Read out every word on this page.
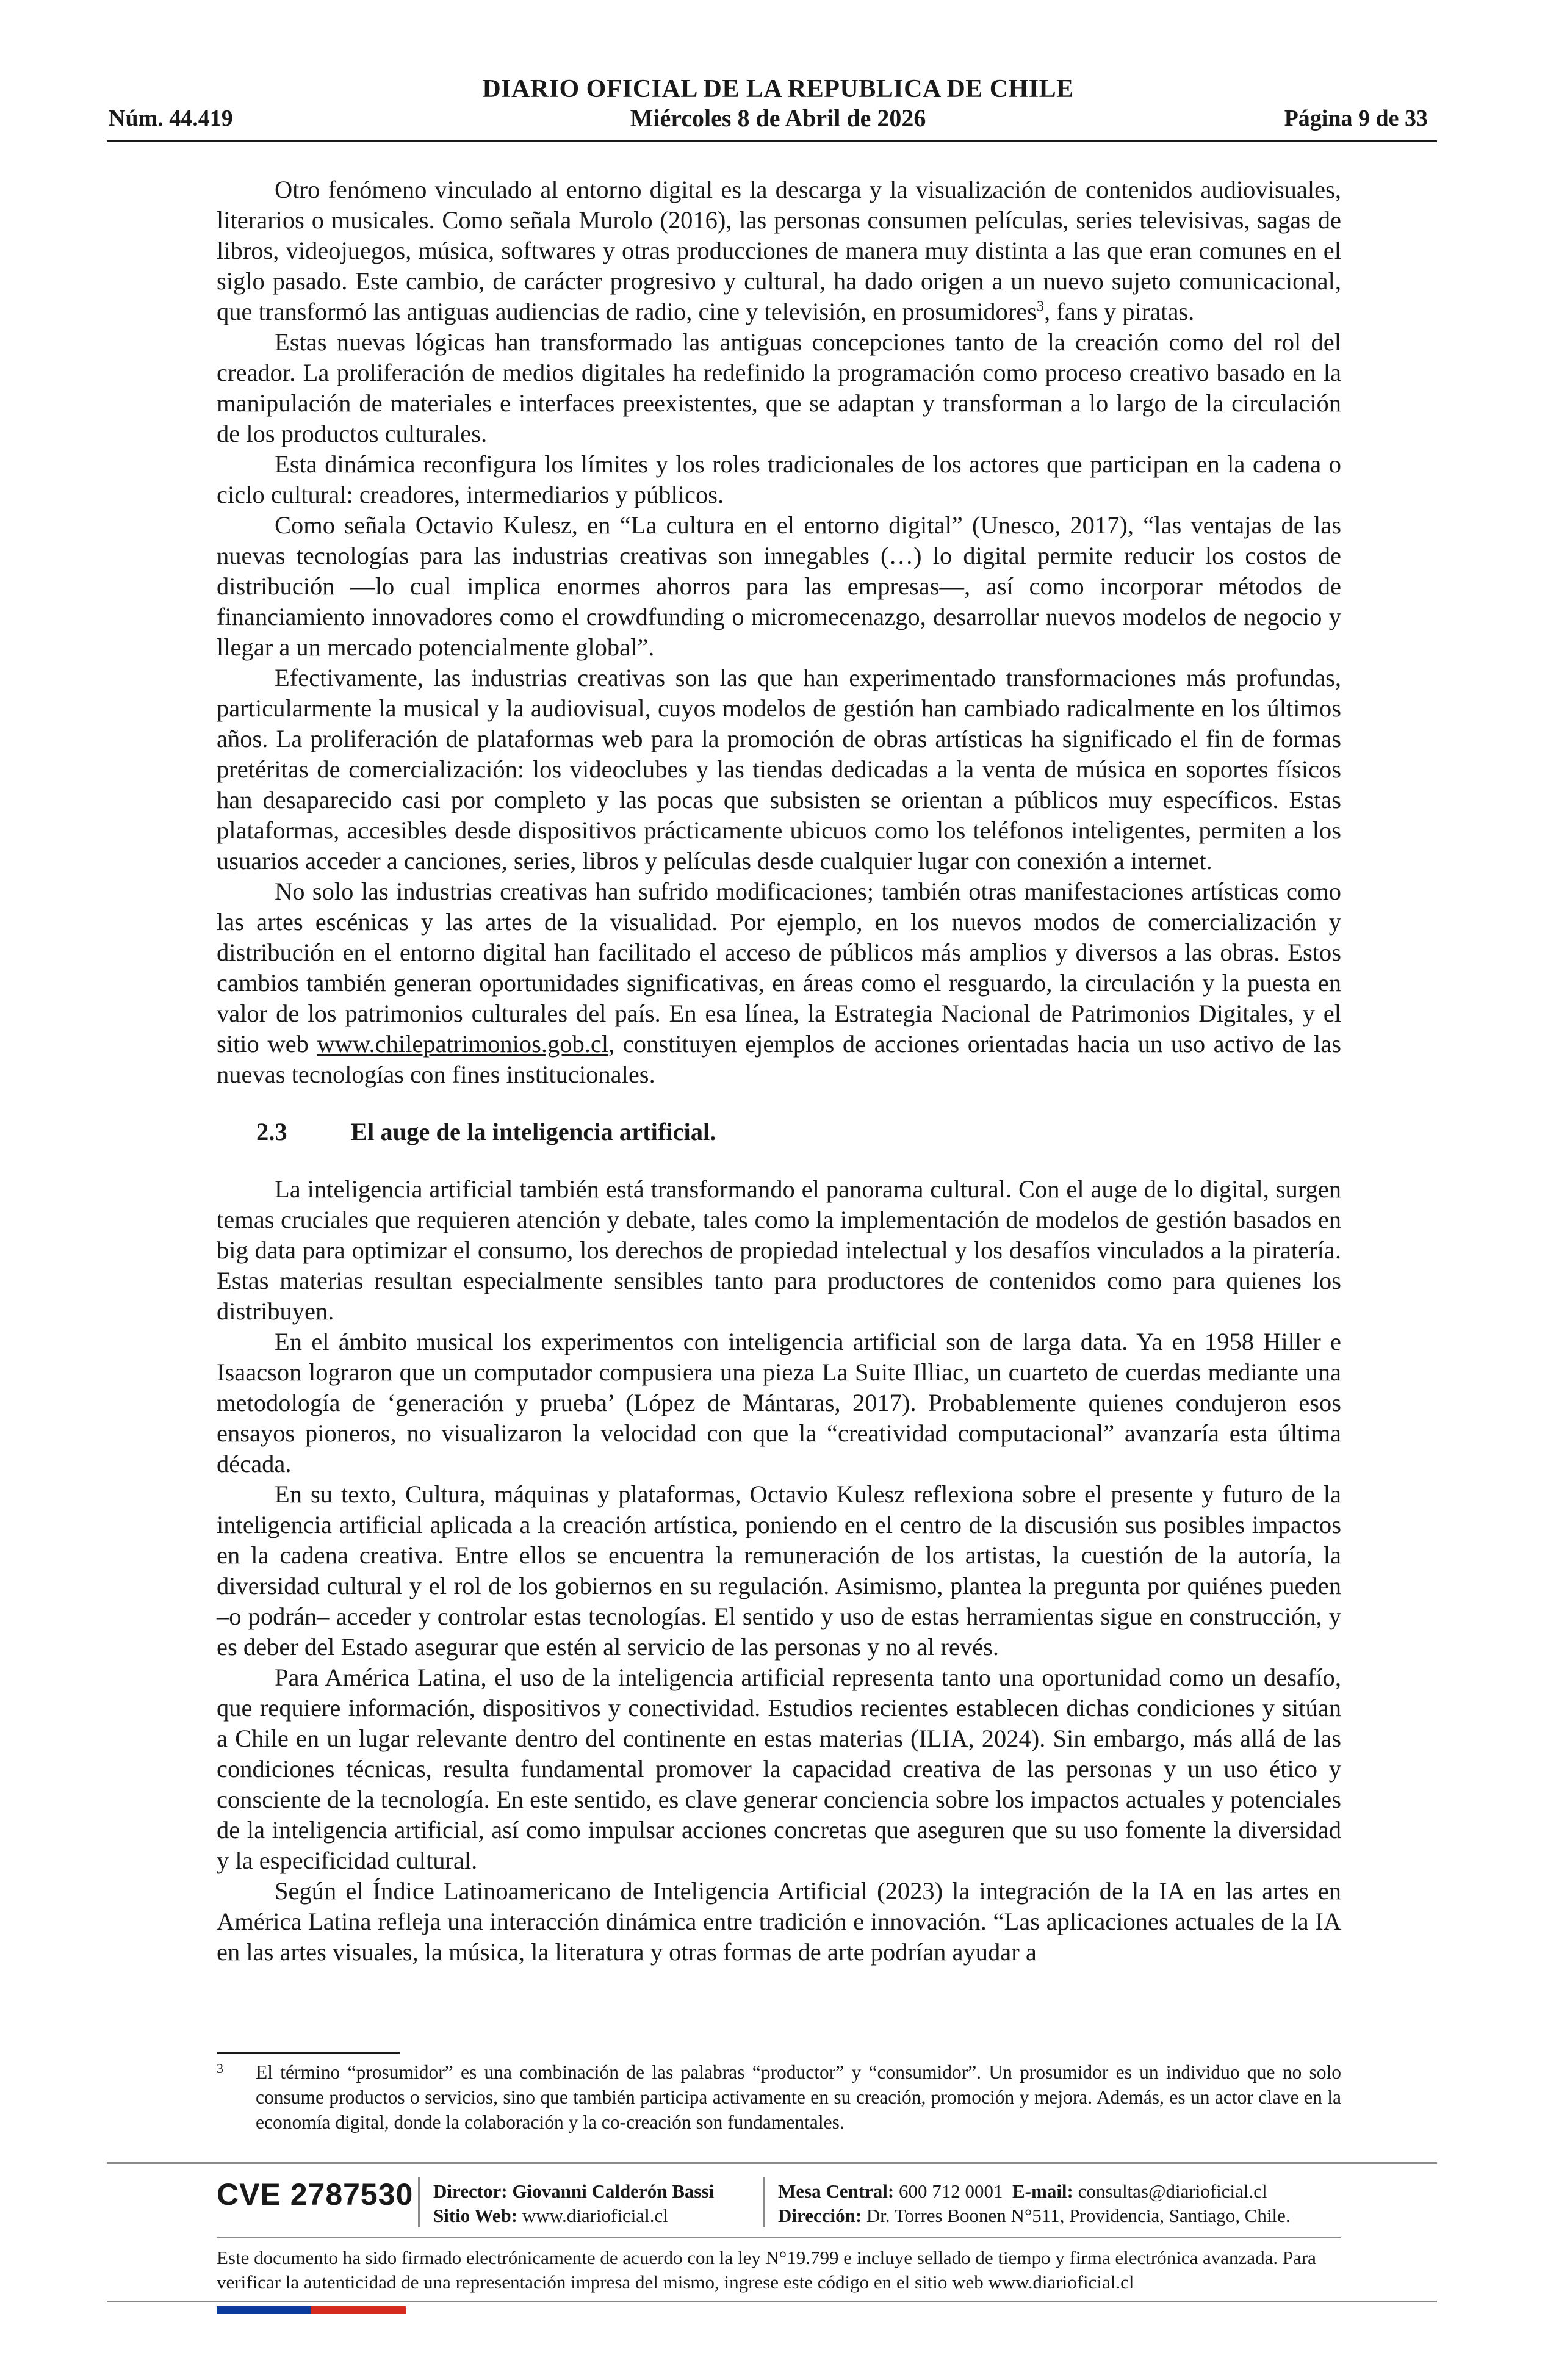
DIARIO OFICIAL DE LA REPUBLICA DE CHILE
Núm. 44.419	Miércoles 8 de Abril de 2026	Página 9 de 33

Otro fenómeno vinculado al entorno digital es la descarga y la visualización de contenidos audiovisuales, literarios o musicales. Como señala Murolo (2016), las personas consumen películas, series televisivas, sagas de libros, videojuegos, música, softwares y otras producciones de manera muy distinta a las que eran comunes en el siglo pasado. Este cambio, de carácter progresivo y cultural, ha dado origen a un nuevo sujeto comunicacional, que transformó las antiguas audiencias de radio, cine y televisión, en prosumidores$^3$, fans y piratas.

Estas nuevas lógicas han transformado las antiguas concepciones tanto de la creación como del rol del creador. La proliferación de medios digitales ha redefinido la programación como proceso creativo basado en la manipulación de materiales e interfaces preexistentes, que se adaptan y transforman a lo largo de la circulación de los productos culturales.

Esta dinámica reconfigura los límites y los roles tradicionales de los actores que participan en la cadena o ciclo cultural: creadores, intermediarios y públicos.

Como señala Octavio Kulesz, en “La cultura en el entorno digital” (Unesco, 2017), “las ventajas de las nuevas tecnologías para las industrias creativas son innegables (…) lo digital permite reducir los costos de distribución —lo cual implica enormes ahorros para las empresas—, así como incorporar métodos de financiamiento innovadores como el crowdfunding o micromecenazgo, desarrollar nuevos modelos de negocio y llegar a un mercado potencialmente global”.

Efectivamente, las industrias creativas son las que han experimentado transformaciones más profundas, particularmente la musical y la audiovisual, cuyos modelos de gestión han cambiado radicalmente en los últimos años. La proliferación de plataformas web para la promoción de obras artísticas ha significado el fin de formas pretéritas de comercialización: los videoclubes y las tiendas dedicadas a la venta de música en soportes físicos han desaparecido casi por completo y las pocas que subsisten se orientan a públicos muy específicos. Estas plataformas, accesibles desde dispositivos prácticamente ubicuos como los teléfonos inteligentes, permiten a los usuarios acceder a canciones, series, libros y películas desde cualquier lugar con conexión a internet.

No solo las industrias creativas han sufrido modificaciones; también otras manifestaciones artísticas como las artes escénicas y las artes de la visualidad. Por ejemplo, en los nuevos modos de comercialización y distribución en el entorno digital han facilitado el acceso de públicos más amplios y diversos a las obras. Estos cambios también generan oportunidades significativas, en áreas como el resguardo, la circulación y la puesta en valor de los patrimonios culturales del país. En esa línea, la Estrategia Nacional de Patrimonios Digitales, y el sitio web www.chilepatrimonios.gob.cl, constituyen ejemplos de acciones orientadas hacia un uso activo de las nuevas tecnologías con fines institucionales.

2.3	El auge de la inteligencia artificial.

La inteligencia artificial también está transformando el panorama cultural. Con el auge de lo digital, surgen temas cruciales que requieren atención y debate, tales como la implementación de modelos de gestión basados en big data para optimizar el consumo, los derechos de propiedad intelectual y los desafíos vinculados a la piratería. Estas materias resultan especialmente sensibles tanto para productores de contenidos como para quienes los distribuyen.

En el ámbito musical los experimentos con inteligencia artificial son de larga data. Ya en 1958 Hiller e Isaacson lograron que un computador compusiera una pieza La Suite Illiac, un cuarteto de cuerdas mediante una metodología de ‘generación y prueba’ (López de Mántaras, 2017). Probablemente quienes condujeron esos ensayos pioneros, no visualizaron la velocidad con que la “creatividad computacional” avanzaría esta última década.

En su texto, Cultura, máquinas y plataformas, Octavio Kulesz reflexiona sobre el presente y futuro de la inteligencia artificial aplicada a la creación artística, poniendo en el centro de la discusión sus posibles impactos en la cadena creativa. Entre ellos se encuentra la remuneración de los artistas, la cuestión de la autoría, la diversidad cultural y el rol de los gobiernos en su regulación. Asimismo, plantea la pregunta por quiénes pueden –o podrán– acceder y controlar estas tecnologías. El sentido y uso de estas herramientas sigue en construcción, y es deber del Estado asegurar que estén al servicio de las personas y no al revés.

Para América Latina, el uso de la inteligencia artificial representa tanto una oportunidad como un desafío, que requiere información, dispositivos y conectividad. Estudios recientes establecen dichas condiciones y sitúan a Chile en un lugar relevante dentro del continente en estas materias (ILIA, 2024). Sin embargo, más allá de las condiciones técnicas, resulta fundamental promover la capacidad creativa de las personas y un uso ético y consciente de la tecnología. En este sentido, es clave generar conciencia sobre los impactos actuales y potenciales de la inteligencia artificial, así como impulsar acciones concretas que aseguren que su uso fomente la diversidad y la especificidad cultural.

Según el Índice Latinoamericano de Inteligencia Artificial (2023) la integración de la IA en las artes en América Latina refleja una interacción dinámica entre tradición e innovación. “Las aplicaciones actuales de la IA en las artes visuales, la música, la literatura y otras formas de arte podrían ayudar a

3	El término “prosumidor” es una combinación de las palabras “productor” y “consumidor”. Un prosumidor es un individuo que no solo consume productos o servicios, sino que también participa activamente en su creación, promoción y mejora. Además, es un actor clave en la economía digital, donde la colaboración y la co-creación son fundamentales.
CVE 2787530 Director: Giovanni Calderón Bassi
Sitio Web: www.diarioficial.cl
Mesa Central: 600 712 0001 E-mail: consultas@diarioficial.cl
Dirección: Dr. Torres Boonen N°511, Providencia, Santiago, Chile.
Este documento ha sido firmado electrónicamente de acuerdo con la ley N°19.799 e incluye sellado de tiempo y firma electrónica avanzada. Para verificar la autenticidad de una representación impresa del mismo, ingrese este código en el sitio web www.diarioficial.cl
